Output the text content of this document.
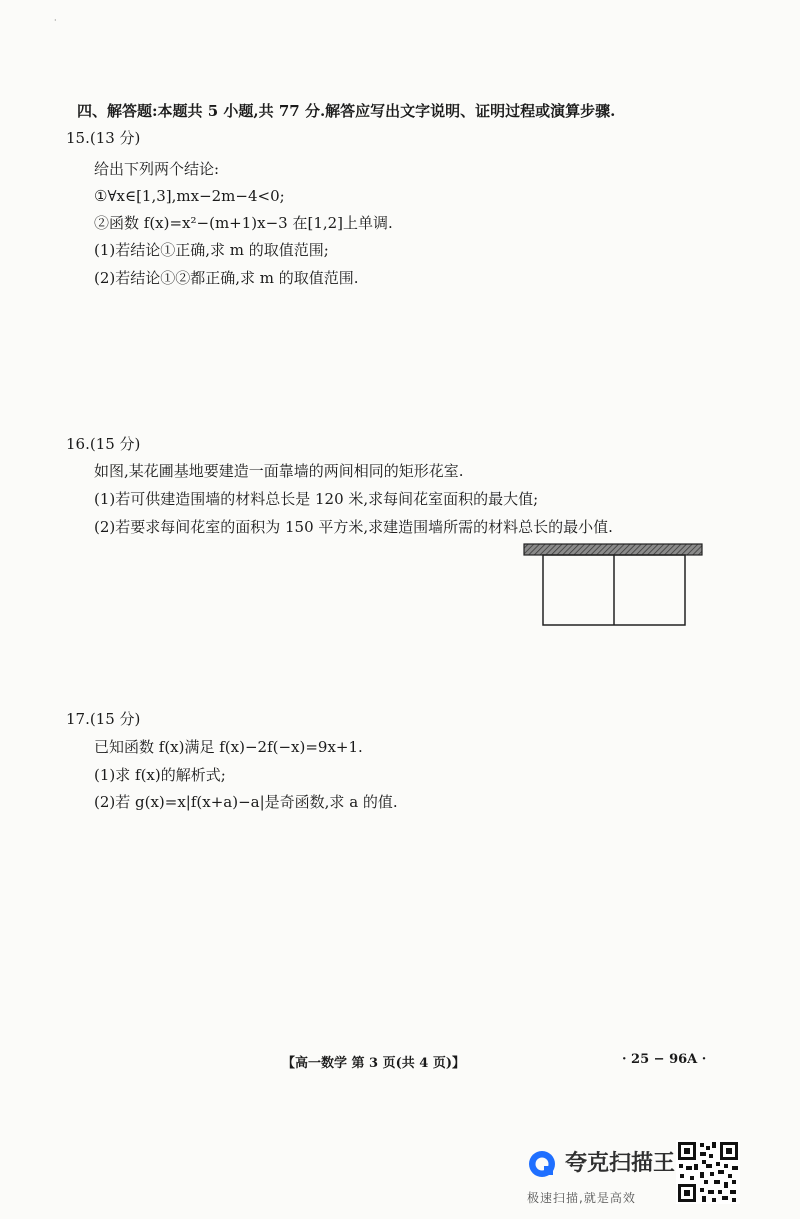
·
四、解答题:本题共 5 小题,共 77 分.解答应写出文字说明、证明过程或演算步骤.
15.(13 分)
给出下列两个结论:
①∀x∈[1,3],mx−2m−4<0;
②函数 f(x)=x²−(m+1)x−3 在[1,2]上单调.
(1)若结论①正确,求 m 的取值范围;
(2)若结论①②都正确,求 m 的取值范围.
16.(15 分)
如图,某花圃基地要建造一面靠墙的两间相同的矩形花室.
(1)若可供建造围墙的材料总长是 120 米,求每间花室面积的最大值;
(2)若要求每间花室的面积为 150 平方米,求建造围墙所需的材料总长的最小值.
17.(15 分)
已知函数 f(x)满足 f(x)−2f(−x)=9x+1.
(1)求 f(x)的解析式;
(2)若 g(x)=x|f(x+a)−a|是奇函数,求 a 的值.
【高一数学 第 3 页(共 4 页)】	· 25 − 96A ·
夸克扫描王
极速扫描,就是高效
